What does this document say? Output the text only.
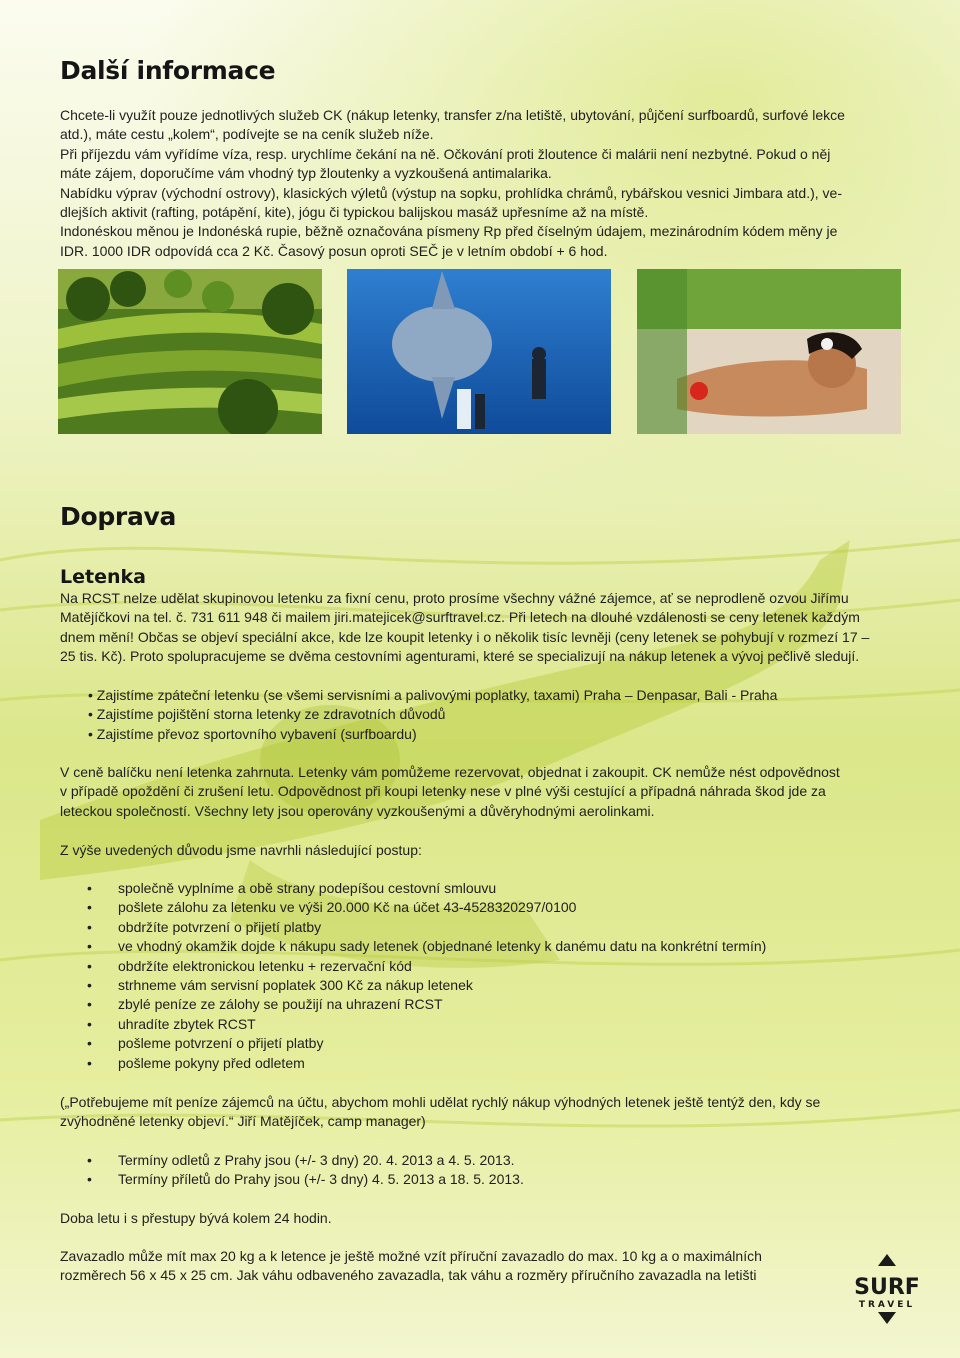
Další informace
Chcete-li využít pouze jednotlivých služeb CK (nákup letenky, transfer z/na letiště, ubytování, půjčení surfboardů, surfové lekce
atd.), máte cestu „kolem“, podívejte se na ceník služeb níže.
Při příjezdu vám vyřídíme víza, resp. urychlíme čekání na ně. Očkování proti žloutence či malárii není nezbytné. Pokud o něj
máte zájem, doporučíme vám vhodný typ žloutenky a vyzkoušená antimalarika.
Nabídku výprav (východní ostrovy), klasických výletů (výstup na sopku, prohlídka chrámů, rybářskou vesnici Jimbara atd.), ve-
dlejších aktivit (rafting, potápění, kite), jógu či typickou balijskou masáž upřesníme až na místě.
Indonéskou měnou je Indonéská rupie, běžně označována písmeny Rp před číselným údajem, mezinárodním kódem měny je
IDR. 1000 IDR odpovídá cca 2 Kč. Časový posun oproti SEČ je v letním období + 6 hod.
Doprava
Letenka
Na RCST nelze udělat skupinovou letenku za fixní cenu, proto prosíme všechny vážné zájemce, ať se neprodleně ozvou Jiřímu
Matějíčkovi na tel. č. 731 611 948 či mailem jiri.matejicek@surftravel.cz. Při letech na dlouhé vzdálenosti se ceny letenek každým
dnem mění! Občas se objeví speciální akce, kde lze koupit letenky i o několik tisíc levněji (ceny letenek se pohybují v rozmezí 17 –
25 tis. Kč). Proto spolupracujeme se dvěma cestovními agenturami, které se specializují na nákup letenek a vývoj pečlivě sledují.
• Zajistíme zpáteční letenku (se všemi servisními a palivovými poplatky, taxami) Praha – Denpasar, Bali - Praha
• Zajistíme pojištění storna letenky ze zdravotních důvodů
• Zajistíme převoz sportovního vybavení (surfboardu)
V ceně balíčku není letenka zahrnuta. Letenky vám pomůžeme rezervovat, objednat i zakoupit. CK nemůže nést odpovědnost
v případě opoždění či zrušení letu. Odpovědnost při koupi letenky nese v plné výši cestující a případná náhrada škod jde za
leteckou společností. Všechny lety jsou operovány vyzkoušenými a důvěryhodnými aerolinkami.
Z výše uvedených důvodu jsme navrhli následující postup:
• společně vyplníme a obě strany podepíšou cestovní smlouvu
• pošlete zálohu za letenku ve výši 20.000 Kč na účet 43-4528320297/0100
• obdržíte potvrzení o přijetí platby
• ve vhodný okamžik dojde k nákupu sady letenek (objednané letenky k danému datu na konkrétní termín)
• obdržíte elektronickou letenku + rezervační kód
• strhneme vám servisní poplatek 300 Kč za nákup letenek
• zbylé peníze ze zálohy se použijí na uhrazení RCST
• uhradíte zbytek RCST
• pošleme potvrzení o přijetí platby
• pošleme pokyny před odletem
(„Potřebujeme mít peníze zájemců na účtu, abychom mohli udělat rychlý nákup výhodných letenek ještě tentýž den, kdy se
zvýhodněné letenky objeví.“ Jiří Matějíček, camp manager)
• Termíny odletů z Prahy jsou (+/- 3 dny) 20. 4. 2013 a 4. 5. 2013.
• Termíny příletů do Prahy jsou (+/- 3 dny) 4. 5. 2013 a 18. 5. 2013.
Doba letu i s přestupy bývá kolem 24 hodin.
Zavazadlo může mít max 20 kg a k letence je ještě možné vzít příruční zavazadlo do max. 10 kg a o maximálních
rozměrech 56 x 45 x 25 cm. Jak váhu odbaveného zavazadla, tak váhu a rozměry příručního zavazadla na letišti	SURF
TRAVEL
